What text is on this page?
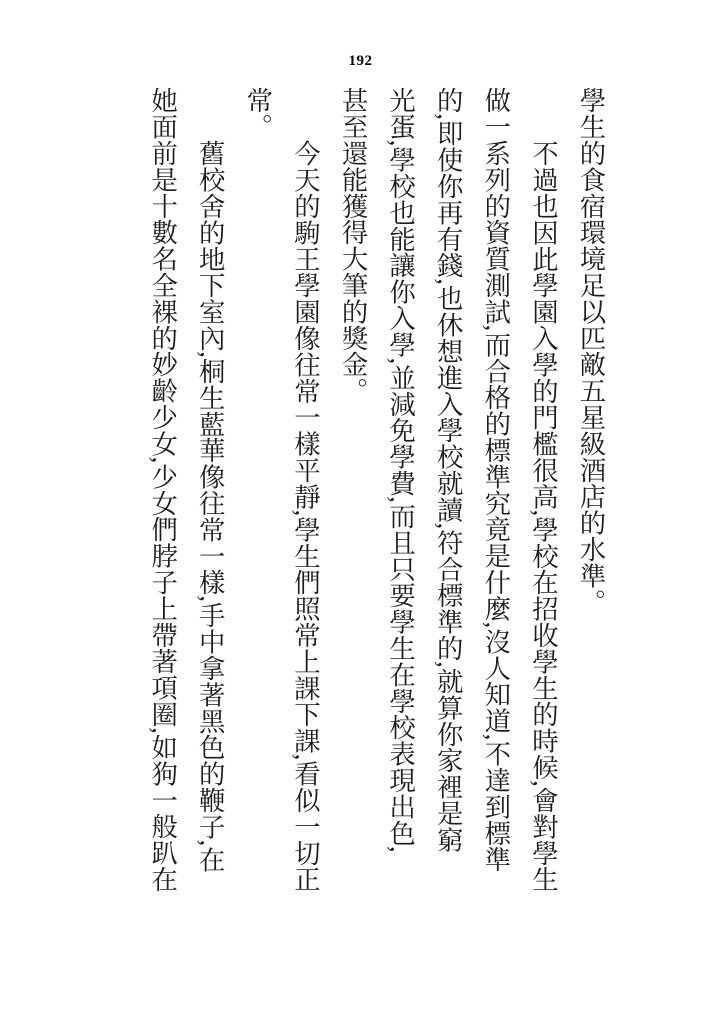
192
學生的食宿環境足以匹敵五星級酒店的水準。
不過也因此學園入學的門檻很高,學校在招收學生的時候,會對學生
做一系列的資質測試,而合格的標準究竟是什麼,沒人知道,不達到標準
的,即使你再有錢,也休想進入學校就讀,符合標準的,就算你家裡是窮
光蛋,學校也能讓你入學,並減免學費,而且只要學生在學校表現出色,
甚至還能獲得大筆的獎金。
今天的駒王學園像往常一樣平靜,學生們照常上課下課,看似一切正
常。
舊校舍的地下室內,桐生藍華像往常一樣,手中拿著黑色的鞭子,在
她面前是十數名全裸的妙齡少女,少女們脖子上帶著項圈,如狗一般趴在
